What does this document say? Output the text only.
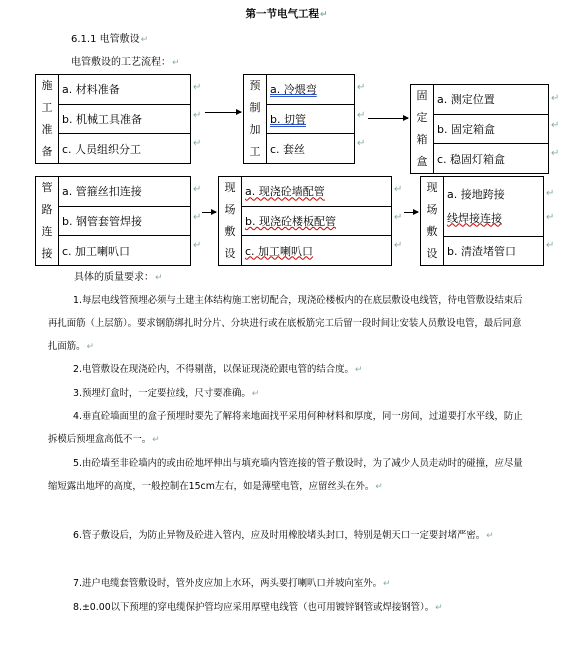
第一节电气工程↵
6.1.1 电管敷设↵
电管敷设的工艺流程：↵
施工准备
	a. 材料准备
b. 机械工具准备
c. 人员组织分工
↵
↵
↵
预制加工
	a. 冷煨弯
b. 切管
c. 套丝
↵
↵
↵
固定箱盒
	a. 测定位置
b. 固定箱盒
c. 稳固灯箱盒
↵
↵
↵
管路连接
	a. 管箍丝扣连接
b. 钢管套管焊接
c. 加工喇叭口
↵
↵
↵
现场敷设
	a. 现浇砼墙配管
b. 现浇砼楼板配管
c. 加工喇叭口
↵
↵
↵
现场敷设
	a. 接地跨接
线焊接连接
b. 清渣堵管口
↵
↵
↵
具体的质量要求：↵
1.每层电线管预埋必须与土建主体结构施工密切配合，现浇砼楼板内的在底层敷设电线管，待电管敷设结束后再扎面筋（上层筋）。要求钢筋绑扎时分片、分块进行或在底板筋完工后留一段时间让安装人员敷设电管，最后同意扎面筋。↵
2.电管敷设在现浇砼内，不得剔凿，以保证现浇砼跟电管的结合度。↵
3.预埋灯盒时，一定要拉线，尺寸要准确。↵
4.垂直砼墙面里的盒子预埋时要先了解将来地面找平采用何种材料和厚度，同一房间，过道要打水平线，防止拆模后预埋盒高低不一。↵
5.由砼墙至非砼墙内的或由砼地坪伸出与填充墙内管连接的管子敷设时，为了减少人员走动时的碰撞，应尽量缩短露出地坪的高度，一般控制在15cm左右，如是薄壁电管，应留丝头在外。↵
6.管子敷设后，为防止异物及砼进入管内，应及时用橡胶堵头封口，特别是朝天口一定要封堵严密。↵
7.进户电缆套管敷设时，管外皮应加上水环，两头要打喇叭口并坡向室外。↵
8.±0.00以下预埋的穿电缆保护管均应采用厚壁电线管（也可用镀锌钢管或焊接钢管）。↵
